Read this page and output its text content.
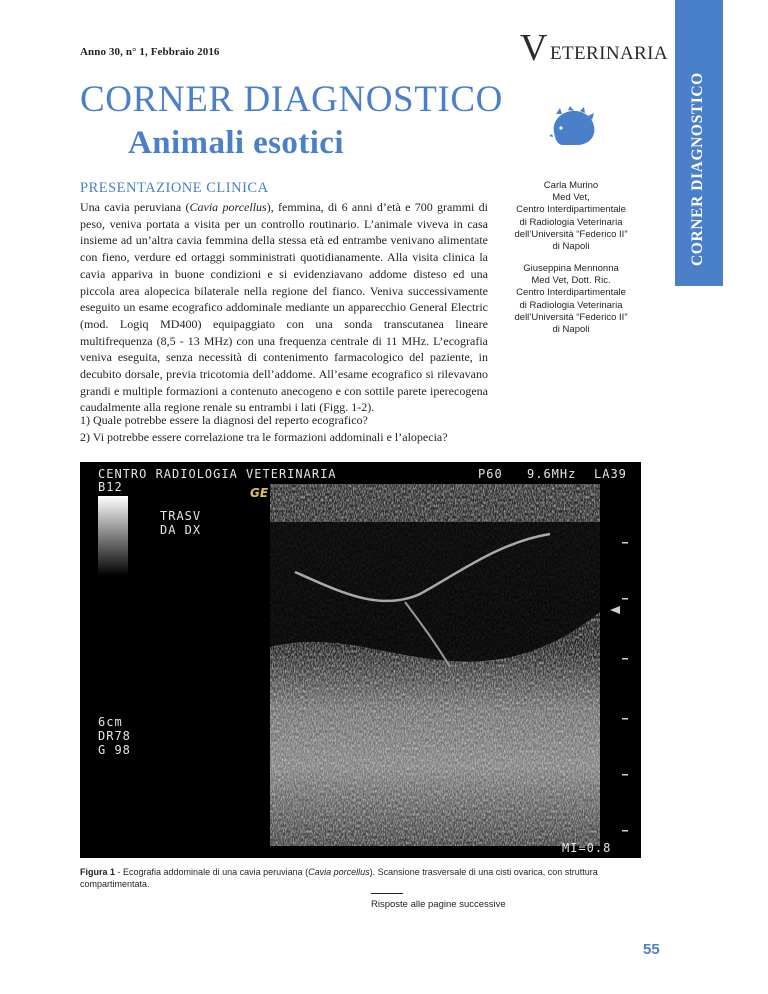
Anno 30, n° 1, Febbraio 2016	V ETERINARIA
CORNER DIAGNOSTICO
CORNER DIAGNOSTICO
Animali esotici
PRESENTAZIONE CLINICA
Una cavia peruviana (Cavia porcellus), femmina, di 6 anni d’età e 700 grammi di peso, veniva portata a visita per un controllo routinario. L’animale viveva in casa insieme ad un’altra cavia femmina della stessa età ed entrambe venivano alimentate con fieno, verdure ed ortaggi somministrati quotidianamente. Alla visita clinica la cavia appariva in buone condizioni e si evidenziavano addome disteso ed una piccola area alopecica bilaterale nella regione del fianco. Veniva successivamente eseguito un esame ecografico addominale mediante un apparecchio General Electric (mod. Logiq MD400) equipaggiato con una sonda transcutanea lineare multifrequenza (8,5 - 13 MHz) con una frequenza centrale di 11 MHz. L’ecografia veniva eseguita, senza necessità di contenimento farmacologico del paziente, in decubito dorsale, previa tricotomia dell’addome. All’esame ecografico si rilevavano grandi e multiple formazioni a contenuto anecogeno e con sottile parete iperecogena caudalmente alla regione renale su entrambi i lati (Figg. 1-2).
Carla Murino
Med Vet,
Centro Interdipartimentale
di Radiologia Veterinaria
dell’Università “Federico II”
di Napoli
Giuseppina Mennonna
Med Vet, Dott. Ric.
Centro Interdipartimentale
di Radiologia Veterinaria
dell’Università “Federico II”
di Napoli
1) Quale potrebbe essere la diagnosi del reperto ecografico?
2) Vi potrebbe essere correlazione tra le formazioni addominali e l’alopecia?
CENTRO RADIOLOGIA VETERINARIA	P60 9.6MHz LA39
B12	GE
TRASV
DA DX
6cm
DR78
G 98
MI=0.8
Figura 1 - Ecografia addominale di una cavia peruviana (Cavia porcellus). Scansione trasversale di una cisti ovarica, con struttura compartimentata.
Risposte alle pagine successive
55
